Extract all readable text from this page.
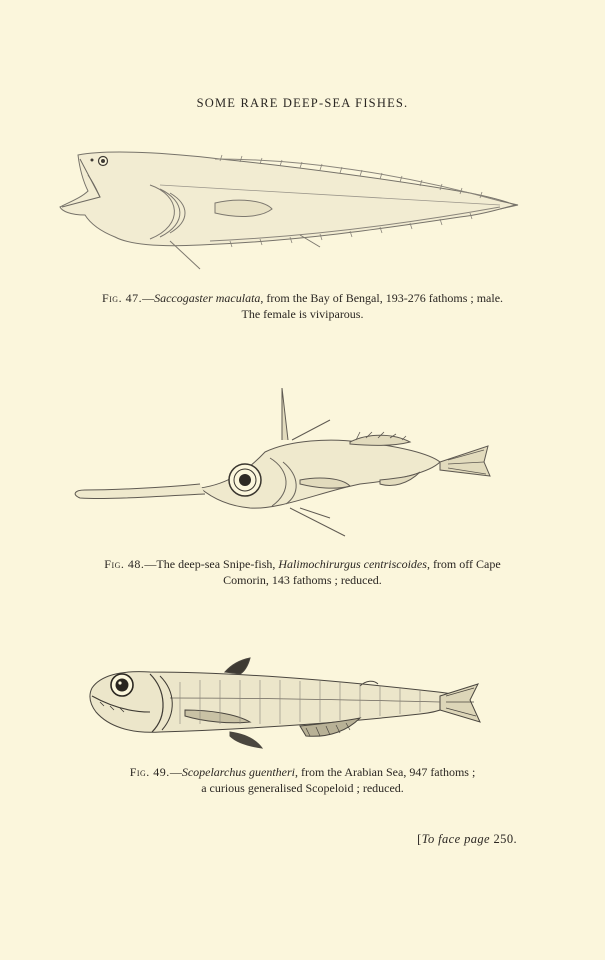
SOME RARE DEEP-SEA FISHES.
Fig. 47.—Saccogaster maculata, from the Bay of Bengal, 193-276 fathoms ; male.
The female is viviparous.
Fig. 48.—The deep-sea Snipe-fish, Halimochirurgus centriscoides, from off Cape
Comorin, 143 fathoms ; reduced.
Fig. 49.—Scopelarchus guentheri, from the Arabian Sea, 947 fathoms ;
a curious generalised Scopeloid ; reduced.
[To face page 250.
